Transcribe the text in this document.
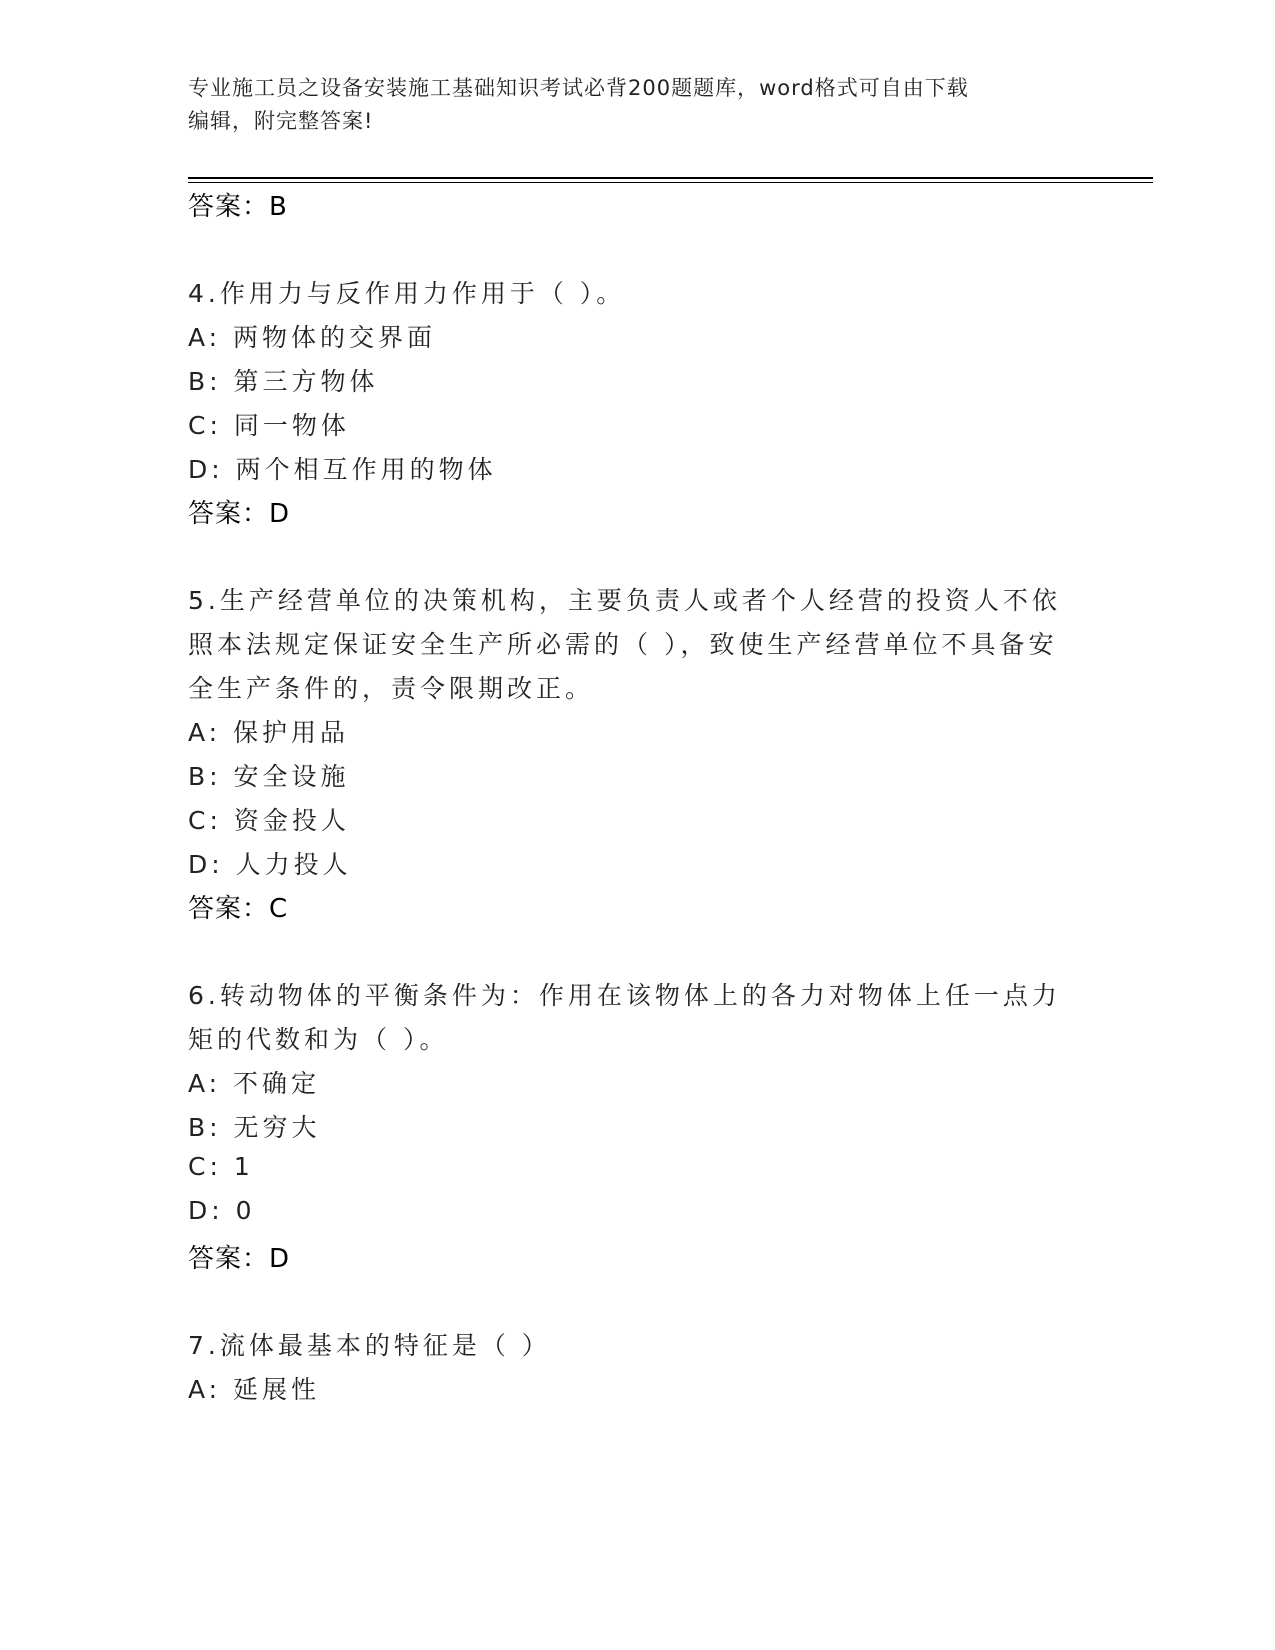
专业施工员之设备安装施工基础知识考试必背200题题库，word格式可自由下载
编辑，附完整答案!
答案：B
4.作用力与反作用力作用于（ ）。
A: 两物体的交界面
B: 第三方物体
C: 同一物体
D: 两个相互作用的物体
答案：D
5.生产经营单位的决策机构，主要负责人或者个人经营的投资人不依
照本法规定保证安全生产所必需的（ ），致使生产经营单位不具备安
全生产条件的，责令限期改正。
A: 保护用品
B: 安全设施
C: 资金投人
D: 人力投人
答案：C
6.转动物体的平衡条件为：作用在该物体上的各力对物体上任一点力
矩的代数和为（ ）。
A: 不确定
B: 无穷大
C: 1
D: 0
答案：D
7.流体最基本的特征是（ ）
A: 延展性
